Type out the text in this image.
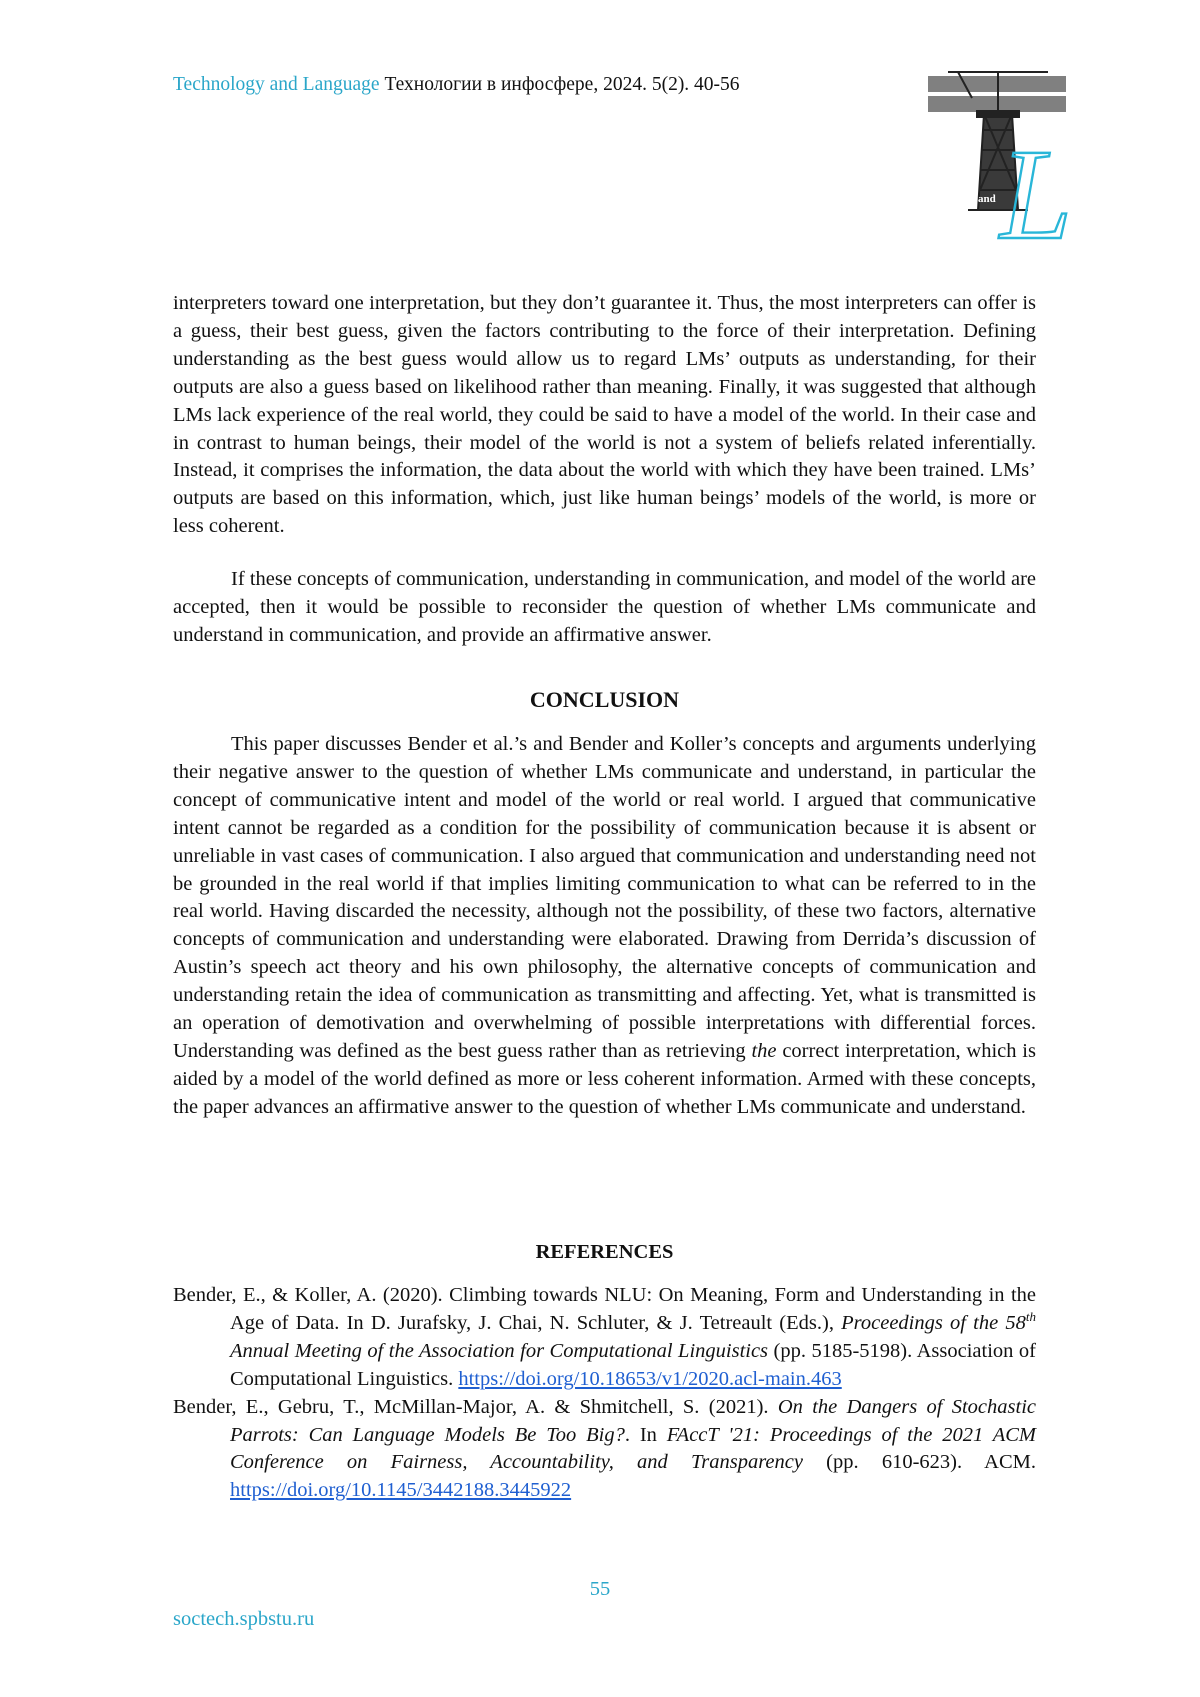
Technology and Language Технологии в инфосфере, 2024. 5(2). 40-56
and L

interpreters toward one interpretation, but they don’t guarantee it. Thus, the most interpreters can offer is a guess, their best guess, given the factors contributing to the force of their interpretation. Defining understanding as the best guess would allow us to regard LMs’ outputs as understanding, for their outputs are also a guess based on likelihood rather than meaning. Finally, it was suggested that although LMs lack experience of the real world, they could be said to have a model of the world. In their case and in contrast to human beings, their model of the world is not a system of beliefs related inferentially. Instead, it comprises the information, the data about the world with which they have been trained. LMs’ outputs are based on this information, which, just like human beings’ models of the world, is more or less coherent.

If these concepts of communication, understanding in communication, and model of the world are accepted, then it would be possible to reconsider the question of whether LMs communicate and understand in communication, and provide an affirmative answer.

CONCLUSION

This paper discusses Bender et al.’s and Bender and Koller’s concepts and arguments underlying their negative answer to the question of whether LMs communicate and understand, in particular the concept of communicative intent and model of the world or real world. I argued that communicative intent cannot be regarded as a condition for the possibility of communication because it is absent or unreliable in vast cases of communication. I also argued that communication and understanding need not be grounded in the real world if that implies limiting communication to what can be referred to in the real world. Having discarded the necessity, although not the possibility, of these two factors, alternative concepts of communication and understanding were elaborated. Drawing from Derrida’s discussion of Austin’s speech act theory and his own philosophy, the alternative concepts of communication and understanding retain the idea of communication as transmitting and affecting. Yet, what is transmitted is an operation of demotivation and overwhelming of possible interpretations with differential forces. Understanding was defined as the best guess rather than as retrieving the correct interpretation, which is aided by a model of the world defined as more or less coherent information. Armed with these concepts, the paper advances an affirmative answer to the question of whether LMs communicate and understand.

REFERENCES

Bender, E., & Koller, A. (2020). Climbing towards NLU: On Meaning, Form and Understanding in the Age of Data. In D. Jurafsky, J. Chai, N. Schluter, & J. Tetreault (Eds.), Proceedings of the 58th Annual Meeting of the Association for Computational Linguistics (pp. 5185-5198). Association of Computational Linguistics. https://doi.org/10.18653/v1/2020.acl-main.463

Bender, E., Gebru, T., McMillan-Major, A. & Shmitchell, S. (2021). On the Dangers of Stochastic Parrots: Can Language Models Be Too Big?. In FAccT '21: Proceedings of the 2021 ACM Conference on Fairness, Accountability, and Transparency (pp. 610-623). ACM. https://doi.org/10.1145/3442188.3445922

55
soctech.spbstu.ru
